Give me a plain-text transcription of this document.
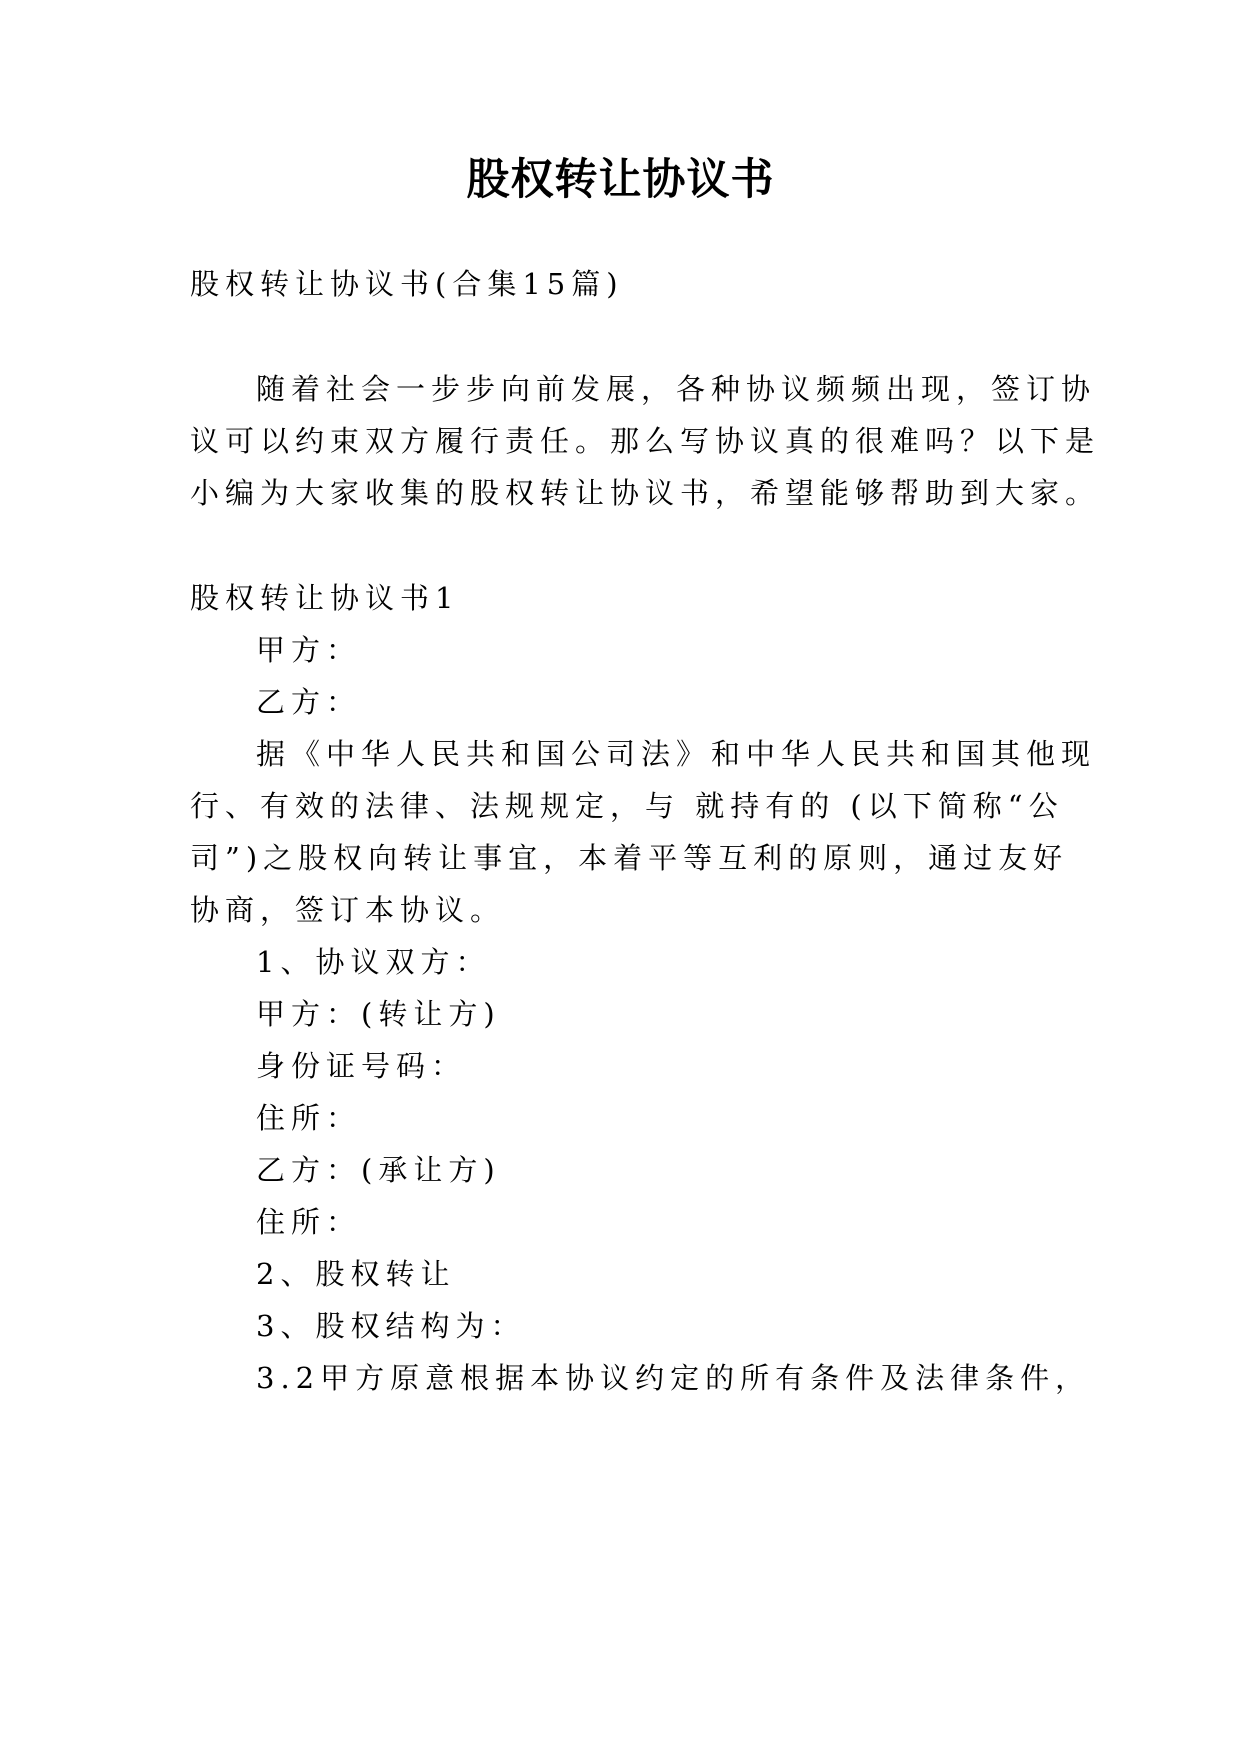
股权转让协议书
股权转让协议书(合集15篇)
随着社会一步步向前发展，各种协议频频出现，签订协
议可以约束双方履行责任。那么写协议真的很难吗？以下是
小编为大家收集的股权转让协议书，希望能够帮助到大家。
股权转让协议书1
甲方：
乙方：
据《中华人民共和国公司法》和中华人民共和国其他现
行、有效的法律、法规规定，与 就持有的 (以下简称“公
司”)之股权向转让事宜，本着平等互利的原则，通过友好
协商，签订本协议。
1、协议双方：
甲方：(转让方)
身份证号码：
住所：
乙方：(承让方)
住所：
2、股权转让
3、股权结构为：
3.2甲方原意根据本协议约定的所有条件及法律条件，
